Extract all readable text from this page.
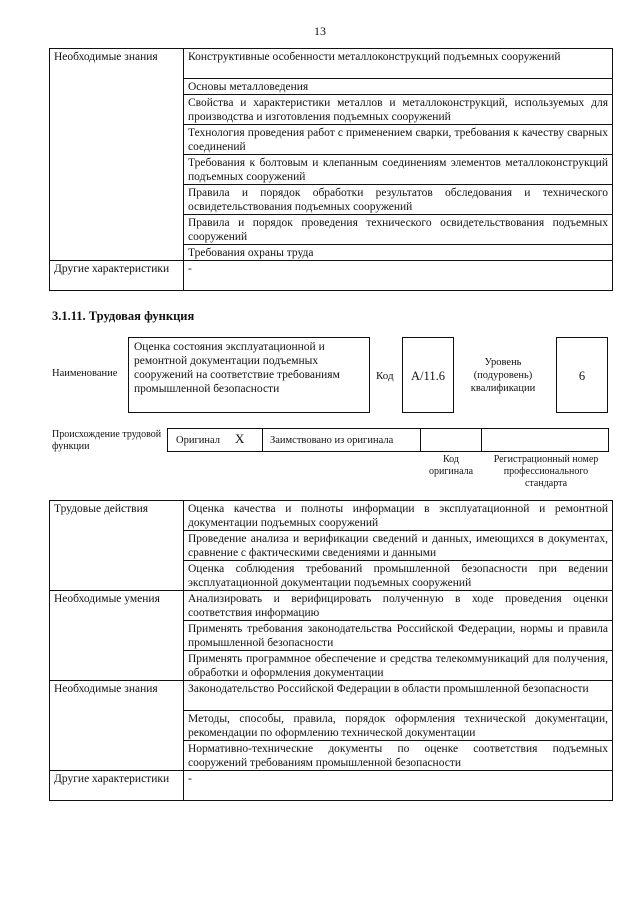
13
Необходимые знания	Конструктивные особенности металлоконструкций подъемных сооружений
	Основы металловедения
	Свойства и характеристики металлов и металлоконструкций, используемых для производства и изготовления подъемных сооружений
	Технология проведения работ с применением сварки, требования к качеству сварных соединений
	Требования к болтовым и клепанным соединениям элементов металлоконструкций подъемных сооружений
	Правила и порядок обработки результатов обследования и технического освидетельствования подъемных сооружений
	Правила и порядок проведения технического освидетельствования подъемных сооружений
	Требования охраны труда
Другие характеристики	-
3.1.11. Трудовая функция
Наименование
Оценка состояния эксплуатационной и ремонтной документации подъемных сооружений на соответствие требованиям промышленной безопасности
Код	A/11.6
Уровень (подуровень) квалификации
6
Происхождение трудовой функции
Оригинал X Заимствовано из оригинала
Код оригинала
Регистрационный номер профессионального стандарта
Трудовые действия	Оценка качества и полноты информации в эксплуатационной и ремонтной документации подъемных сооружений
	Проведение анализа и верификации сведений и данных, имеющихся в документах, сравнение с фактическими сведениями и данными
	Оценка соблюдения требований промышленной безопасности при ведении эксплуатационной документации подъемных сооружений
Необходимые умения	Анализировать и верифицировать полученную в ходе проведения оценки соответствия информацию
	Применять требования законодательства Российской Федерации, нормы и правила промышленной безопасности
	Применять программное обеспечение и средства телекоммуникаций для получения, обработки и оформления документации
Необходимые знания	Законодательство Российской Федерации в области промышленной безопасности
	Методы, способы, правила, порядок оформления технической документации, рекомендации по оформлению технической документации
	Нормативно-технические документы по оценке соответствия подъемных сооружений требованиям промышленной безопасности
Другие характеристики	-
